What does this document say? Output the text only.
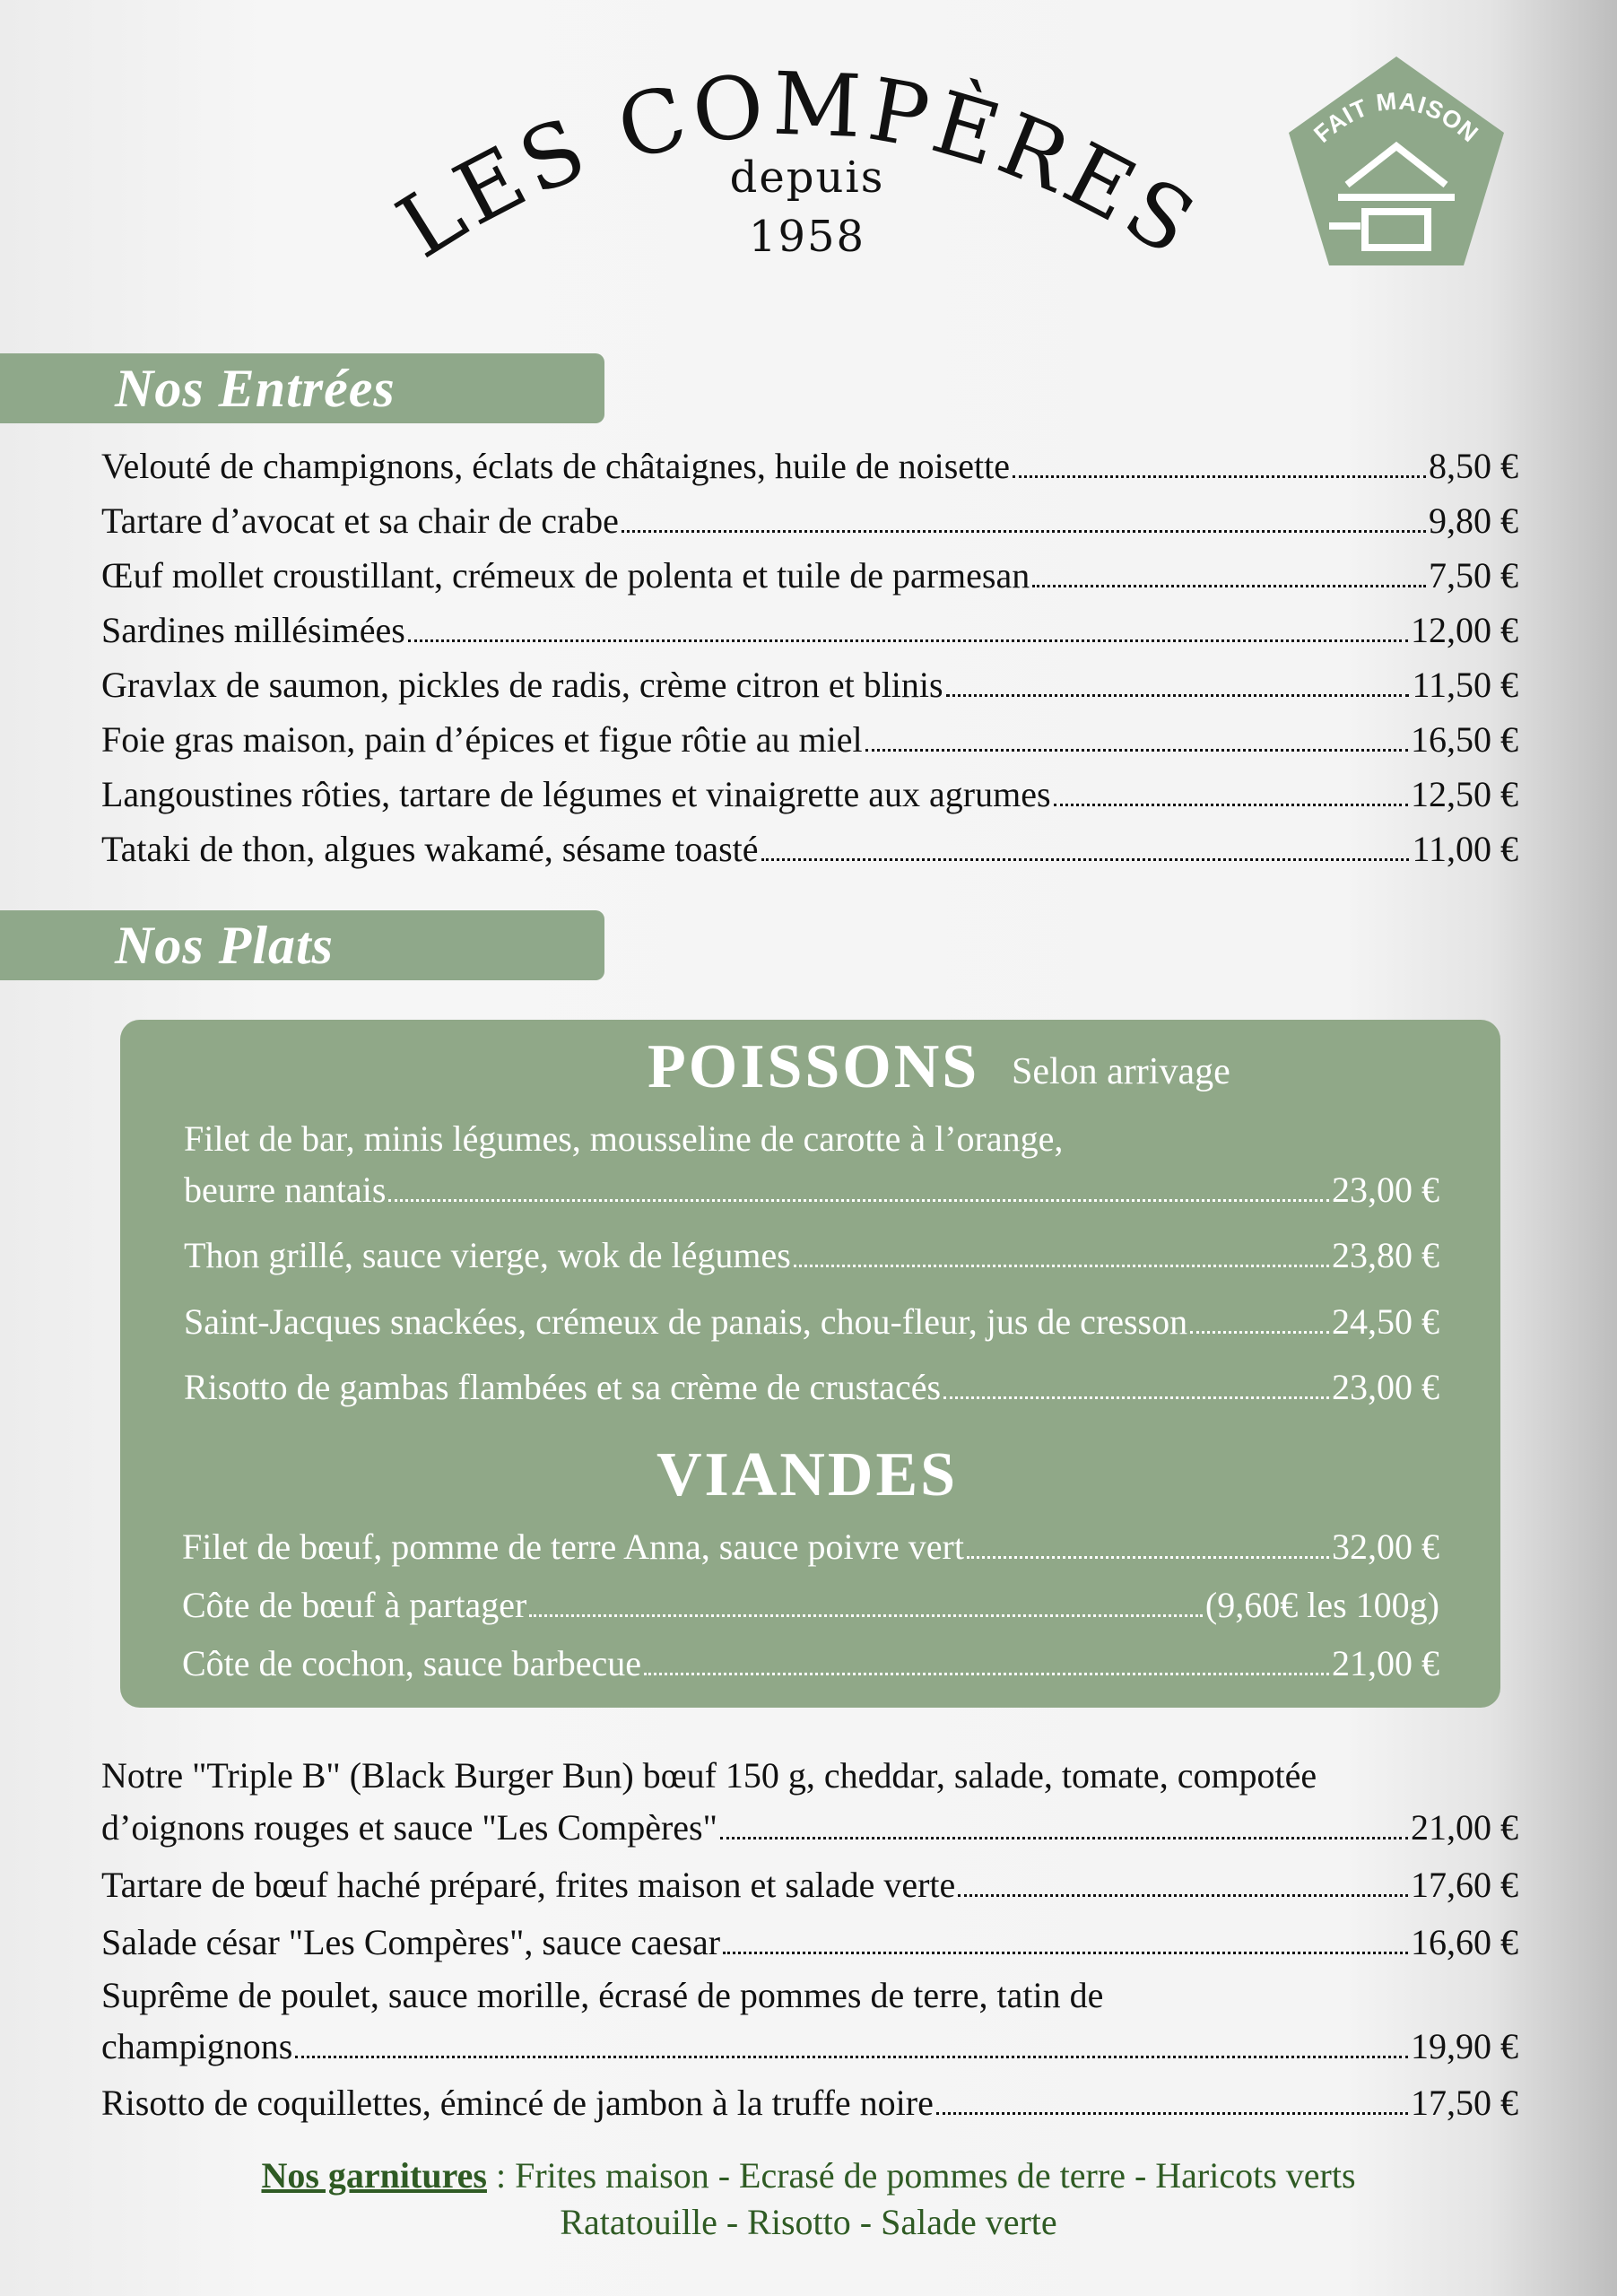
LES COMPÈRES
depuis
1958
FAIT MAISON
Nos Entrées
Velouté de champignons, éclats de châtaignes, huile de noisette	8,50 €
Tartare d’avocat et sa chair de crabe	9,80 €
Œuf mollet croustillant, crémeux de polenta et tuile de parmesan	7,50 €
Sardines millésimées	12,00 €
Gravlax de saumon, pickles de radis, crème citron et blinis	11,50 €
Foie gras maison, pain d’épices et figue rôtie au miel	16,50 €
Langoustines rôties, tartare de légumes et vinaigrette aux agrumes	12,50 €
Tataki de thon, algues wakamé, sésame toasté	11,00 €
Nos Plats
POISSONS Selon arrivage
Filet de bar, minis légumes, mousseline de carotte à l’orange,
beurre nantais	23,00 €
Thon grillé, sauce vierge, wok de légumes	23,80 €
Saint-Jacques snackées, crémeux de panais, chou-fleur, jus de cresson	24,50 €
Risotto de gambas flambées et sa crème de crustacés	23,00 €
VIANDES
Filet de bœuf, pomme de terre Anna, sauce poivre vert	32,00 €
Côte de bœuf à partager	(9,60€ les 100g)
Côte de cochon, sauce barbecue	21,00 €
Notre "Triple B" (Black Burger Bun) bœuf 150 g, cheddar, salade, tomate, compotée
d’oignons rouges et sauce "Les Compères"	21,00 €
Tartare de bœuf haché préparé, frites maison et salade verte	17,60 €
Salade césar "Les Compères", sauce caesar	16,60 €
Suprême de poulet, sauce morille, écrasé de pommes de terre, tatin de
champignons	19,90 €
Risotto de coquillettes, émincé de jambon à la truffe noire	17,50 €
Nos garnitures : Frites maison - Ecrasé de pommes de terre - Haricots verts
Ratatouille - Risotto - Salade verte
